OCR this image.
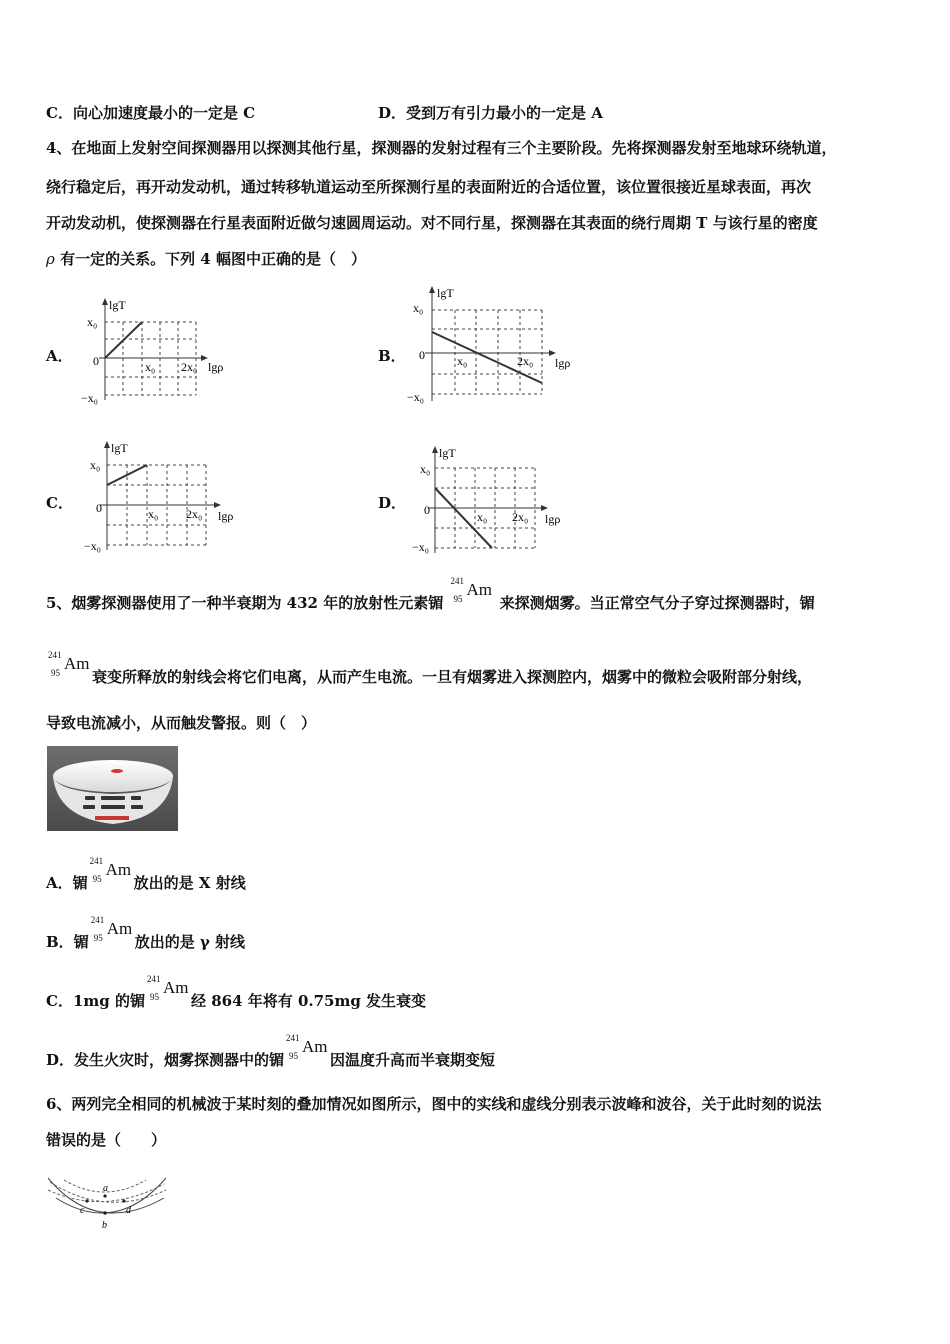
C．向心加速度最小的一定是 C	D．受到万有引力最小的一定是 A
4、在地面上发射空间探测器用以探测其他行星，探测器的发射过程有三个主要阶段。先将探测器发射至地球环绕轨道，
绕行稳定后，再开动发动机，通过转移轨道运动至所探测行星的表面附近的合适位置，该位置很接近星球表面，再次
开动发动机，使探测器在行星表面附近做匀速圆周运动。对不同行星，探测器在其表面的绕行周期 T 与该行星的密度
ρ 有一定的关系。下列 4 幅图中正确的是（　）
A．
lgT
x₀
0
−x₀
x₀ 2x₀ lgρ
B．
lgT
x₀
0
−x₀
x₀	2x₀ lgρ
C．
lgT
x₀
0
−x₀
x₀ 2x₀ lgρ
D．
lgT
x₀
0
−x₀
x₀ 2x₀ lgρ
5、烟雾探测器使用了一种半衰期为 432 年的放射性元素镅
241
95 Am
来探测烟雾。当正常空气分子穿过探测器时，镅
241
95 Am
衰变所释放的射线会将它们电离，从而产生电流。一旦有烟雾进入探测腔内，烟雾中的微粒会吸附部分射线，
导致电流减小，从而触发警报。则（　）
A．镅
241
95 Am
放出的是 X 射线
B．镅
241
95 Am
放出的是 γ 射线
C．1mg 的镅
241
95 Am
经 864 年将有 0.75mg 发生衰变
D．发生火灾时，烟雾探测器中的镅
241
95 Am
因温度升高而半衰期变短
6、两列完全相同的机械波于某时刻的叠加情况如图所示，图中的实线和虚线分别表示波峰和波谷，关于此时刻的说法
错误的是（　　）
a
b
c	d
